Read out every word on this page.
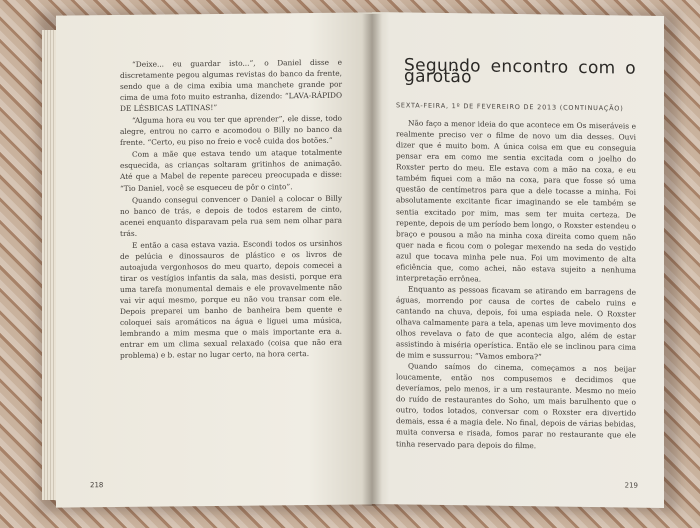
“Deixe... eu guardar isto...”, o Daniel disse e discretamente pegou algumas revistas do banco da frente, sendo que a de cima exibia uma manchete grande por cima de uma foto muito estranha, dizendo: “LAVA-RÁPIDO DE LÉSBICAS LATINAS!”

“Alguma hora eu vou ter que aprender”, ele disse, todo alegre, entrou no carro e acomodou o Billy no banco da frente. “Certo, eu piso no freio e você cuida dos botões.”

Com a mãe que estava tendo um ataque totalmente esquecida, as crianças soltaram gritinhos de animação. Até que a Mabel de repente pareceu preocupada e disse: “Tio Daniel, você se esqueceu de pôr o cinto”.

Quando consegui convencer o Daniel a colocar o Billy no banco de trás, e depois de todos estarem de cinto, acenei enquanto disparavam pela rua sem nem olhar para trás.

E então a casa estava vazia. Escondi todos os ursinhos de pelúcia e dinossauros de plástico e os livros de autoajuda vergonhosos do meu quarto, depois comecei a tirar os vestígios infantis da sala, mas desisti, porque era uma tarefa monumental demais e ele provavelmente não vai vir aqui mesmo, porque eu não vou transar com ele. Depois preparei um banho de banheira bem quente e coloquei sais aromáticos na água e liguei uma música, lembrando a mim mesma que o mais importante era a. entrar em um clima sexual relaxado (coisa que não era problema) e b. estar no lugar certo, na hora certa.

218

Segundo encontro com o garotão

SEXTA-FEIRA, 1º DE FEVEREIRO DE 2013 (CONTINUAÇÃO)

Não faço a menor ideia do que acontece em Os miseráveis e realmente preciso ver o filme de novo um dia desses. Ouvi dizer que é muito bom. A única coisa em que eu conseguia pensar era em como me sentia excitada com o joelho do Roxster perto do meu. Ele estava com a mão na coxa, e eu também fiquei com a mão na coxa, para que fosse só uma questão de centímetros para que a dele tocasse a minha. Foi absolutamente excitante ficar imaginando se ele também se sentia excitado por mim, mas sem ter muita certeza. De repente, depois de um período bem longo, o Roxster estendeu o braço e pousou a mão na minha coxa direita como quem não quer nada e ficou com o polegar mexendo na seda do vestido azul que tocava minha pele nua. Foi um movimento de alta eficiência que, como achei, não estava sujeito a nenhuma interpretação errônea.

Enquanto as pessoas ficavam se atirando em barragens de águas, morrendo por causa de cortes de cabelo ruins e cantando na chuva, depois, foi uma espiada nele. O Roxster olhava calmamente para a tela, apenas um leve movimento dos olhos revelava o fato de que acontecia algo, além de estar assistindo à miséria operística. Então ele se inclinou para cima de mim e sussurrou: “Vamos embora?”

Quando saímos do cinema, começamos a nos beijar loucamente, então nos compusemos e decidimos que deveríamos, pelo menos, ir a um restaurante. Mesmo no meio do ruído de restaurantes do Soho, um mais barulhento que o outro, todos lotados, conversar com o Roxster era divertido demais, essa é a magia dele. No final, depois de várias bebidas, muita conversa e risada, fomos parar no restaurante que ele tinha reservado para depois do filme.

219
